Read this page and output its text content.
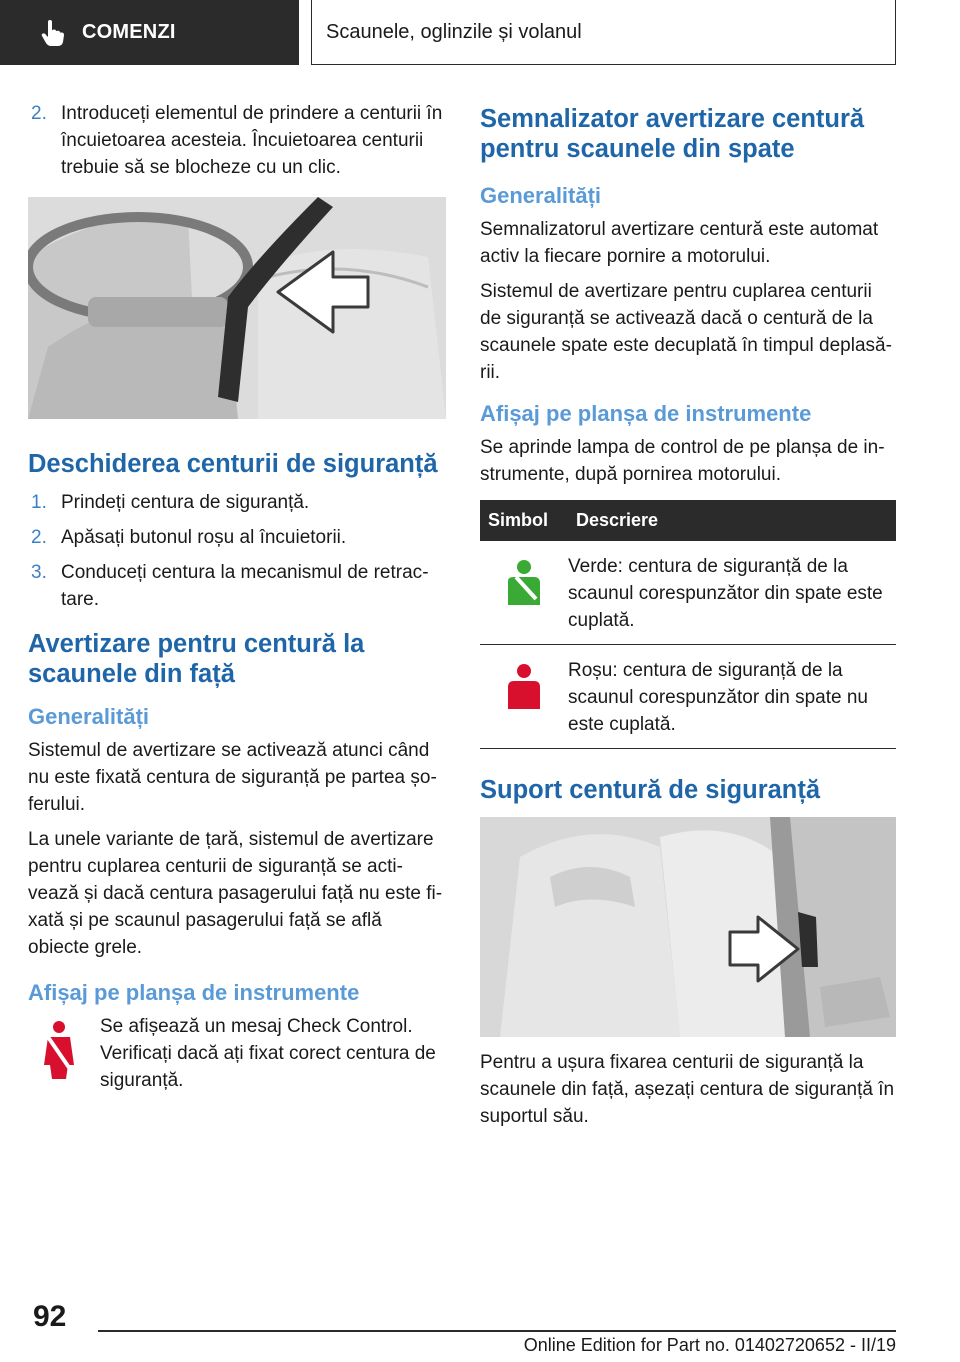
COMENZI	Scaunele, oglinzile și volanul
2. Introduceți elementul de prindere a centurii în încuietoarea acesteia. Încuietoarea centurii trebuie să se blocheze cu un clic.
Deschiderea centurii de siguranță
1. Prindeți centura de siguranță.
2. Apăsați butonul roșu al încuietorii.
3. Conduceți centura la mecanismul de retractare.
Avertizare pentru centură la scaunele din față
Generalități

Sistemul de avertizare se activează atunci când nu este fixată centura de siguranță pe partea șoferului.

La unele variante de țară, sistemul de avertizare pentru cuplarea centurii de siguranță se activează și dacă centura pasagerului față nu este fixată și pe scaunul pasagerului față se află obiecte grele.

Afișaj pe planșa de instrumente

Se afișează un mesaj Check Control. Verificați dacă ați fixat corect centura de siguranță.

Semnalizator avertizare centură pentru scaunele din spate
Generalități

Semnalizatorul avertizare centură este automat activ la fiecare pornire a motorului.

Sistemul de avertizare pentru cuplarea centurii de siguranță se activează dacă o centură de la scaunele spate este decuplată în timpul deplasării.

Afișaj pe planșa de instrumente

Se aprinde lampa de control de pe planșa de instrumente, după pornirea motorului.

Simbol	Descriere
	Verde: centura de siguranță de la scaunul corespunzător din spate este cuplată.
	Roșu: centura de siguranță de la scaunul corespunzător din spate nu este cuplată.
Suport centură de siguranță

Pentru a ușura fixarea centurii de siguranță la scaunele din față, așezați centura de siguranță în suportul său.

92
Online Edition for Part no. 01402720652 - II/19
